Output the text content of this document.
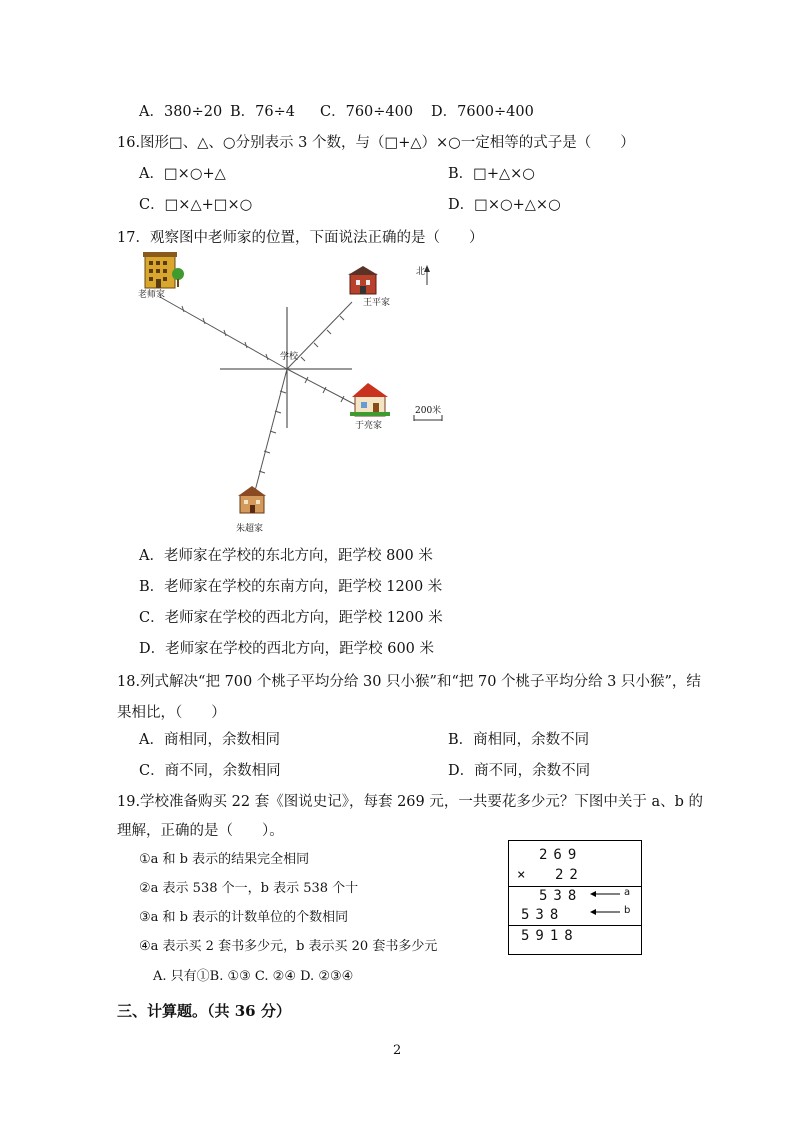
A．380÷20 B．76÷4 C．760÷400 D．7600÷400
16.图形□、△、○分别表示 3 个数，与（□+△）×○一定相等的式子是（　　）
A．□×○+△	B．□+△×○
C．□×△+□×○	D．□×○+△×○
17．观察图中老师家的位置，下面说法正确的是（　　）
老师家
王平家
学校
于亮家
朱超家
北
200米
A．老师家在学校的东北方向，距学校 800 米
B．老师家在学校的东南方向，距学校 1200 米
C．老师家在学校的西北方向，距学校 1200 米
D．老师家在学校的西北方向，距学校 600 米
18.列式解决“把 700 个桃子平均分给 30 只小猴”和“把 70 个桃子平均分给 3 只小猴”，结
果相比，（　　）
A．商相同，余数相同	B．商相同，余数不同
C．商不同，余数相同	D．商不同，余数不同
19.学校准备购买 22 套《图说史记》，每套 269 元，一共要花多少元？下图中关于 a、b 的
理解，正确的是（　　）。
①a 和 b 表示的结果完全相同
②a 表示 538 个一，b 表示 538 个十
③a 和 b 表示的计数单位的个数相同
④a 表示买 2 套书多少元，b 表示买 20 套书多少元
A. 只有①B. ①③ C. ②④ D. ②③④
269
× 22
538
538
5918
a
b
三、计算题。（共 36 分）
2
